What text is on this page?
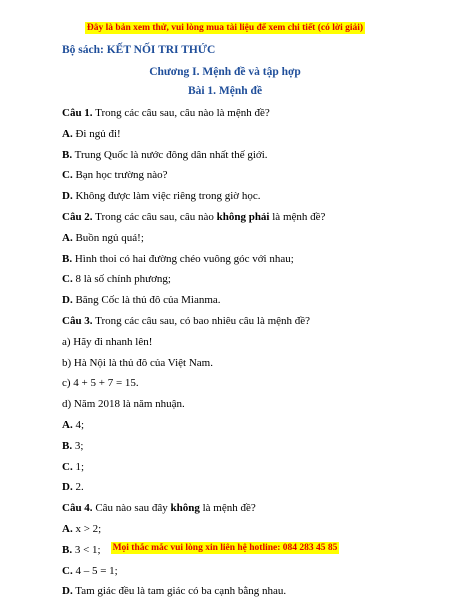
Đây là bản xem thử, vui lòng mua tài liệu để xem chi tiết (có lời giải)
Bộ sách: KẾT NỐI TRI THỨC
Chương I. Mệnh đề và tập hợp
Bài 1. Mệnh đề
Câu 1. Trong các câu sau, câu nào là mệnh đề?
A. Đi ngủ đi!
B. Trung Quốc là nước đông dân nhất thế giới.
C. Bạn học trường nào?
D. Không được làm việc riêng trong giờ học.
Câu 2. Trong các câu sau, câu nào không phải là mệnh đề?
A. Buồn ngủ quá!;
B. Hình thoi có hai đường chéo vuông góc với nhau;
C. 8 là số chính phương;
D. Băng Cốc là thủ đô của Mianma.
Câu 3. Trong các câu sau, có bao nhiêu câu là mệnh đề?
a) Hãy đi nhanh lên!
b) Hà Nội là thủ đô của Việt Nam.
c) 4 + 5 + 7 = 15.
d) Năm 2018 là năm nhuận.
A. 4;
B. 3;
C. 1;
D. 2.
Câu 4. Câu nào sau đây không là mệnh đề?
A. x > 2;
B. 3 < 1;
C. 4 – 5 = 1;
D. Tam giác đều là tam giác có ba cạnh bằng nhau.
Mọi thắc mắc vui lòng xin liên hệ hotline: 084 283 45 85
